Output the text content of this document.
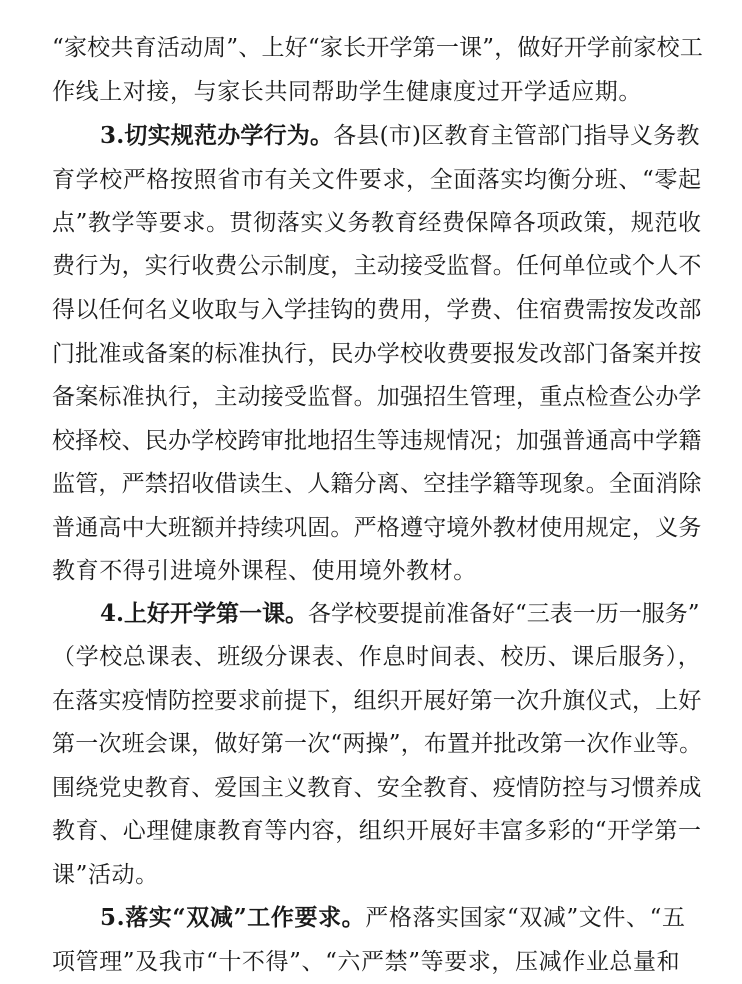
“家校共育活动周”、上好“家长开学第一课”，做好开学前家校工
作线上对接，与家长共同帮助学生健康度过开学适应期。
3.切实规范办学行为。各县(市)区教育主管部门指导义务教
育学校严格按照省市有关文件要求，全面落实均衡分班、“零起
点”教学等要求。贯彻落实义务教育经费保障各项政策，规范收
费行为，实行收费公示制度，主动接受监督。任何单位或个人不
得以任何名义收取与入学挂钩的费用，学费、住宿费需按发改部
门批准或备案的标准执行，民办学校收费要报发改部门备案并按
备案标准执行，主动接受监督。加强招生管理，重点检查公办学
校择校、民办学校跨审批地招生等违规情况；加强普通高中学籍
监管，严禁招收借读生、人籍分离、空挂学籍等现象。全面消除
普通高中大班额并持续巩固。严格遵守境外教材使用规定，义务
教育不得引进境外课程、使用境外教材。
4.上好开学第一课。各学校要提前准备好“三表一历一服务”
（学校总课表、班级分课表、作息时间表、校历、课后服务），
在落实疫情防控要求前提下，组织开展好第一次升旗仪式，上好
第一次班会课，做好第一次“两操”，布置并批改第一次作业等。
围绕党史教育、爱国主义教育、安全教育、疫情防控与习惯养成
教育、心理健康教育等内容，组织开展好丰富多彩的“开学第一
课”活动。
5.落实“双减”工作要求。严格落实国家“双减”文件、“五
项管理”及我市“十不得”、“六严禁”等要求，压减作业总量和
